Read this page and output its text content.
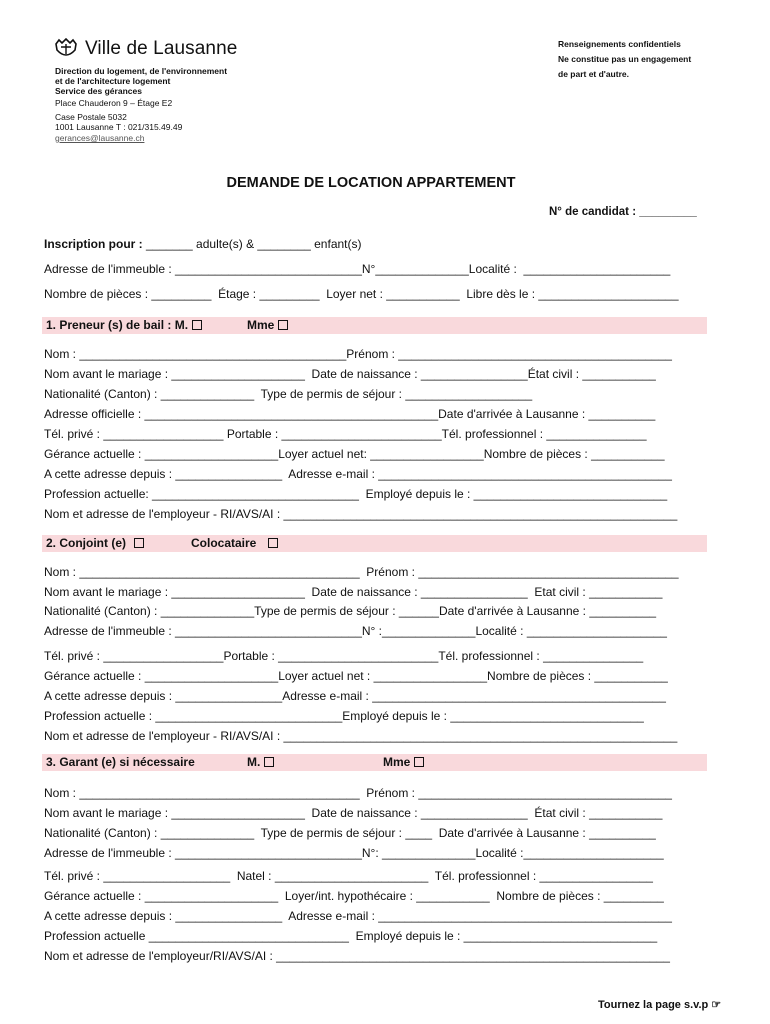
Ville de Lausanne
Direction du logement, de l'environnement
et de l'architecture logement
Service des gérances
Place Chauderon 9 – Étage E2
Case Postale 5032
1001 Lausanne T : 021/315.49.49
gerances@lausanne.ch
Renseignements confidentiels
Ne constitue pas un engagement
de part et d'autre.
DEMANDE DE LOCATION APPARTEMENT
N° de candidat : _________
Inscription pour : _______ adulte(s) & ________ enfant(s)
Adresse de l'immeuble : ____________________________N°______________Localité :  ______________________
Nombre de pièces : _________  Étage : _________  Loyer net : ___________  Libre dès le : _____________________
1. Preneur (s) de bail : M.	Mme
Nom : ________________________________________Prénom : _________________________________________
Nom avant le mariage : ____________________  Date de naissance : ________________État civil : ___________
Nationalité (Canton) : ______________  Type de permis de séjour : ___________________
Adresse officielle : ____________________________________________Date d'arrivée à Lausanne : __________
Tél. privé : __________________ Portable : ________________________Tél. professionnel : _______________
Gérance actuelle : ____________________Loyer actuel net: _________________Nombre de pièces : ___________
A cette adresse depuis : ________________  Adresse e-mail : ____________________________________________
Profession actuelle: _______________________________  Employé depuis le : _____________________________
Nom et adresse de l'employeur - RI/AVS/AI : ___________________________________________________________
2. Conjoint (e)	Colocataire
Nom : __________________________________________  Prénom : _______________________________________
Nom avant le mariage : ____________________  Date de naissance : ________________  Etat civil : ___________
Nationalité (Canton) : ______________Type de permis de séjour : ______Date d'arrivée à Lausanne : __________
Adresse de l'immeuble : ____________________________N° :______________Localité : _____________________
Tél. privé : __________________Portable : ________________________Tél. professionnel : _______________
Gérance actuelle : ____________________Loyer actuel net : _________________Nombre de pièces : ___________
A cette adresse depuis : ________________Adresse e-mail : ____________________________________________
Profession actuelle : ____________________________Employé depuis le : _____________________________
Nom et adresse de l'employeur - RI/AVS/AI : ___________________________________________________________
3. Garant (e) si nécessaire	M.	Mme
Nom : __________________________________________  Prénom : ______________________________________
Nom avant le mariage : ____________________  Date de naissance : ________________  État civil : ___________
Nationalité (Canton) : ______________  Type de permis de séjour : ____  Date d'arrivée à Lausanne : __________
Adresse de l'immeuble : ____________________________N°: ______________Localité :_____________________
Tél. privé : ___________________  Natel : _______________________  Tél. professionnel : _________________
Gérance actuelle : ____________________  Loyer/int. hypothécaire : ___________  Nombre de pièces : _________
A cette adresse depuis : ________________  Adresse e-mail : ____________________________________________
Profession actuelle ______________________________  Employé depuis le : _____________________________
Nom et adresse de l'employeur/RI/AVS/AI : ___________________________________________________________
Tournez la page s.v.p ☞
